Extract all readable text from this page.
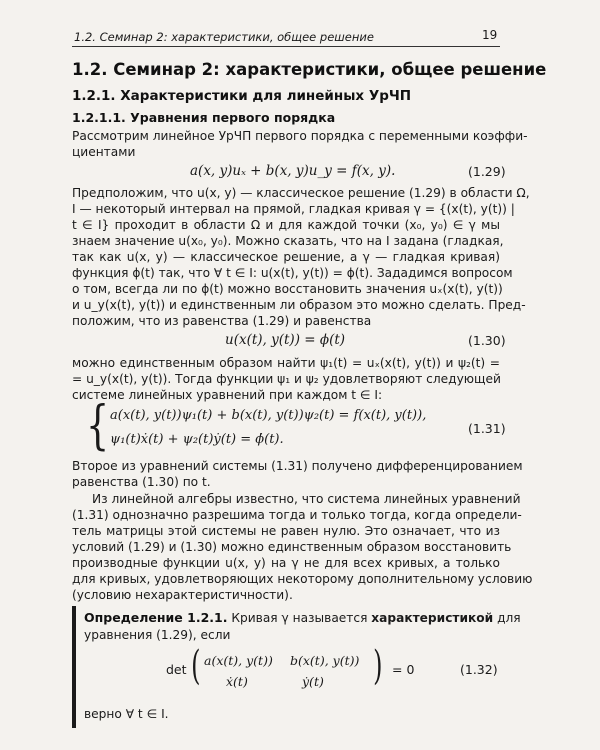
1.2. Семинар 2: характеристики, общее решение	19
1.2. Семинар 2: характеристики, общее решение
1.2.1. Характеристики для линейных УрЧП
1.2.1.1. Уравнения первого порядка
Рассмотрим линейное УрЧП первого порядка с переменными коэффи-
циентами
a(x, y)uₓ + b(x, y)u_y = f(x, y).	(1.29)
Предположим, что u(x, y) — классическое решение (1.29) в области Ω,
I — некоторый интервал на прямой, гладкая кривая γ = {(x(t), y(t)) |
t ∈ I} проходит в области Ω и для каждой точки (x₀, y₀) ∈ γ мы
знаем значение u(x₀, y₀). Можно сказать, что на I задана (гладкая,
так как u(x, y) — классическое решение, а γ — гладкая кривая)
функция ϕ(t) так, что ∀ t ∈ I: u(x(t), y(t)) = ϕ(t). Зададимся вопросом
о том, всегда ли по ϕ(t) можно восстановить значения uₓ(x(t), y(t))
и u_y(x(t), y(t)) и единственным ли образом это можно сделать. Пред-
положим, что из равенства (1.29) и равенства
u(x(t), y(t)) = ϕ(t)	(1.30)
можно единственным образом найти ψ₁(t) = uₓ(x(t), y(t)) и ψ₂(t) =
= u_y(x(t), y(t)). Тогда функции ψ₁ и ψ₂ удовлетворяют следующей
системе линейных уравнений при каждом t ∈ I:
{ a(x(t), y(t))ψ₁(t) + b(x(t), y(t))ψ₂(t) = f(x(t), y(t)),
ψ₁(t)ẋ(t) + ψ₂(t)ẏ(t) = ϕ̇(t).
(1.31)
Второе из уравнений системы (1.31) получено дифференцированием
равенства (1.30) по t.
Из линейной алгебры известно, что система линейных уравнений
(1.31) однозначно разрешима тогда и только тогда, когда определи-
тель матрицы этой системы не равен нулю. Это означает, что из
условий (1.29) и (1.30) можно единственным образом восстановить
производные функции u(x, y) на γ не для всех кривых, а только
для кривых, удовлетворяющих некоторому дополнительному условию
(условию нехарактеристичности).
Определение 1.2.1. Кривая γ называется характеристикой для
уравнения (1.29), если
det ( a(x(t), y(t)) b(x(t), y(t))
ẋ(t)	ẏ(t) ) = 0	(1.32)
верно ∀ t ∈ I.
